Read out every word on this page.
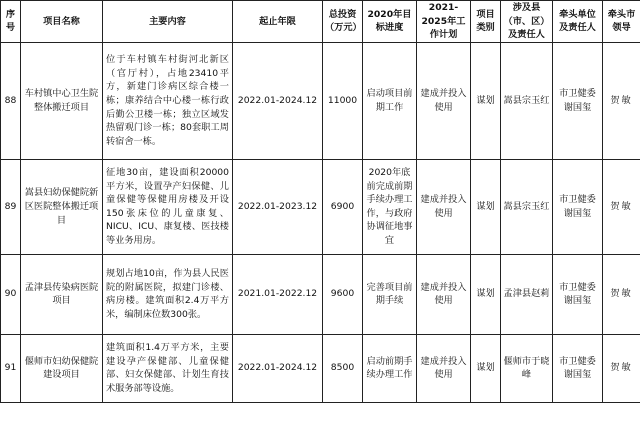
序号	项目名称	主要内容	起止年限	总投资（万元）	2020年目标进度	2021-2025年工作计划	项目类别	涉及县（市、区）及责任人	牵头单位及责任人	牵头市领导
88	车村镇中心卫生院整体搬迁项目	位于车村镇车村街河北新区（官厅村），占地23410平方，新建门诊病区综合楼一栋；康养结合中心楼一栋行政后勤公卫楼一栋；独立区域发热留观门诊一栋；80套职工周转宿舍一栋。	2022.01-2024.12	11000	启动项目前期工作	建成并投入使用	谋划	嵩县宗玉红	市卫健委谢国玺	贺敏
89	嵩县妇幼保健院新区医院整体搬迁项目	征地30亩，建设面积20000平方米，设置孕产妇保健、儿童保健等保健用房楼及开设150张床位的儿童康复、NICU、ICU、康复楼、医技楼等业务用房。	2022.01-2023.12	6900	2020年底前完成前期手续办理工作，与政府协调征地事宜	建成并投入使用	谋划	嵩县宗玉红	市卫健委谢国玺	贺敏
90	孟津县传染病医院项目	规划占地10亩，作为县人民医院的附属医院，拟建门诊楼、病房楼。建筑面积2.4万平方米，编制床位数300张。	2021.01-2022.12	9600	完善项目前期手续	建成并投入使用	谋划	孟津县赵莉	市卫健委谢国玺	贺敏
91	偃师市妇幼保健院建设项目	建筑面积1.4万平方米，主要建设孕产保健部、儿童保健部、妇女保健部、计划生育技术服务部等设施。	2022.01-2024.12	8500	启动前期手续办理工作	建成并投入使用	谋划	偃师市于晓峰	市卫健委谢国玺	贺敏
